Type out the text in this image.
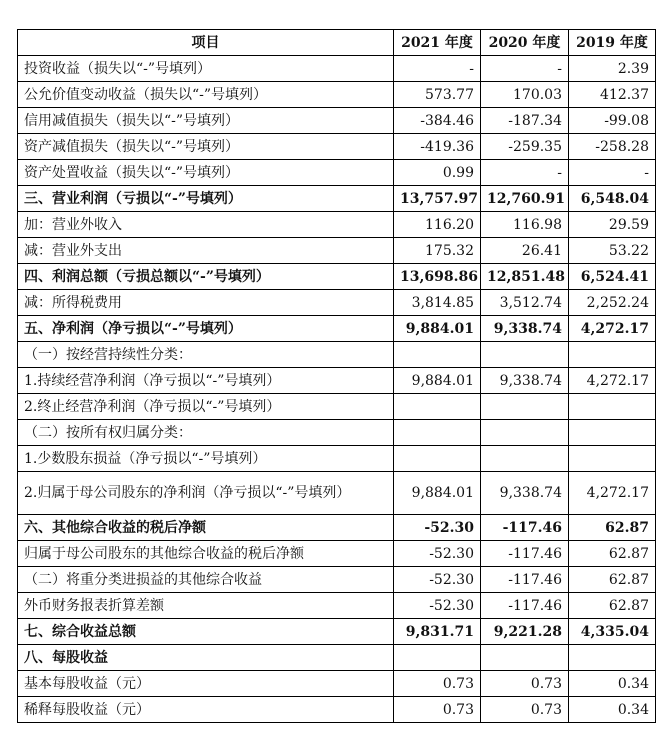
项目	2021 年度	2020 年度	2019 年度
投资收益（损失以“-”号填列）	-	-	2.39
公允价值变动收益（损失以“-”号填列）	573.77	170.03	412.37
信用减值损失（损失以“-”号填列）	-384.46	-187.34	-99.08
资产减值损失（损失以“-”号填列）	-419.36	-259.35	-258.28
资产处置收益（损失以“-”号填列）	0.99	-	-
三、营业利润（亏损以“-”号填列）	13,757.97	12,760.91	6,548.04
加：营业外收入	116.20	116.98	29.59
减：营业外支出	175.32	26.41	53.22
四、利润总额（亏损总额以“-”号填列）	13,698.86	12,851.48	6,524.41
减：所得税费用	3,814.85	3,512.74	2,252.24
五、净利润（净亏损以“-”号填列）	9,884.01	9,338.74	4,272.17
（一）按经营持续性分类：			
1.持续经营净利润（净亏损以“-”号填列）	9,884.01	9,338.74	4,272.17
2.终止经营净利润（净亏损以“-”号填列）			
（二）按所有权归属分类：			
1.少数股东损益（净亏损以“-”号填列）			
2.归属于母公司股东的净利润（净亏损以“-”号填列）	9,884.01	9,338.74	4,272.17
六、其他综合收益的税后净额	-52.30	-117.46	62.87
归属于母公司股东的其他综合收益的税后净额	-52.30	-117.46	62.87
（二）将重分类进损益的其他综合收益	-52.30	-117.46	62.87
外币财务报表折算差额	-52.30	-117.46	62.87
七、综合收益总额	9,831.71	9,221.28	4,335.04
八、每股收益			
基本每股收益（元）	0.73	0.73	0.34
稀释每股收益（元）	0.73	0.73	0.34
